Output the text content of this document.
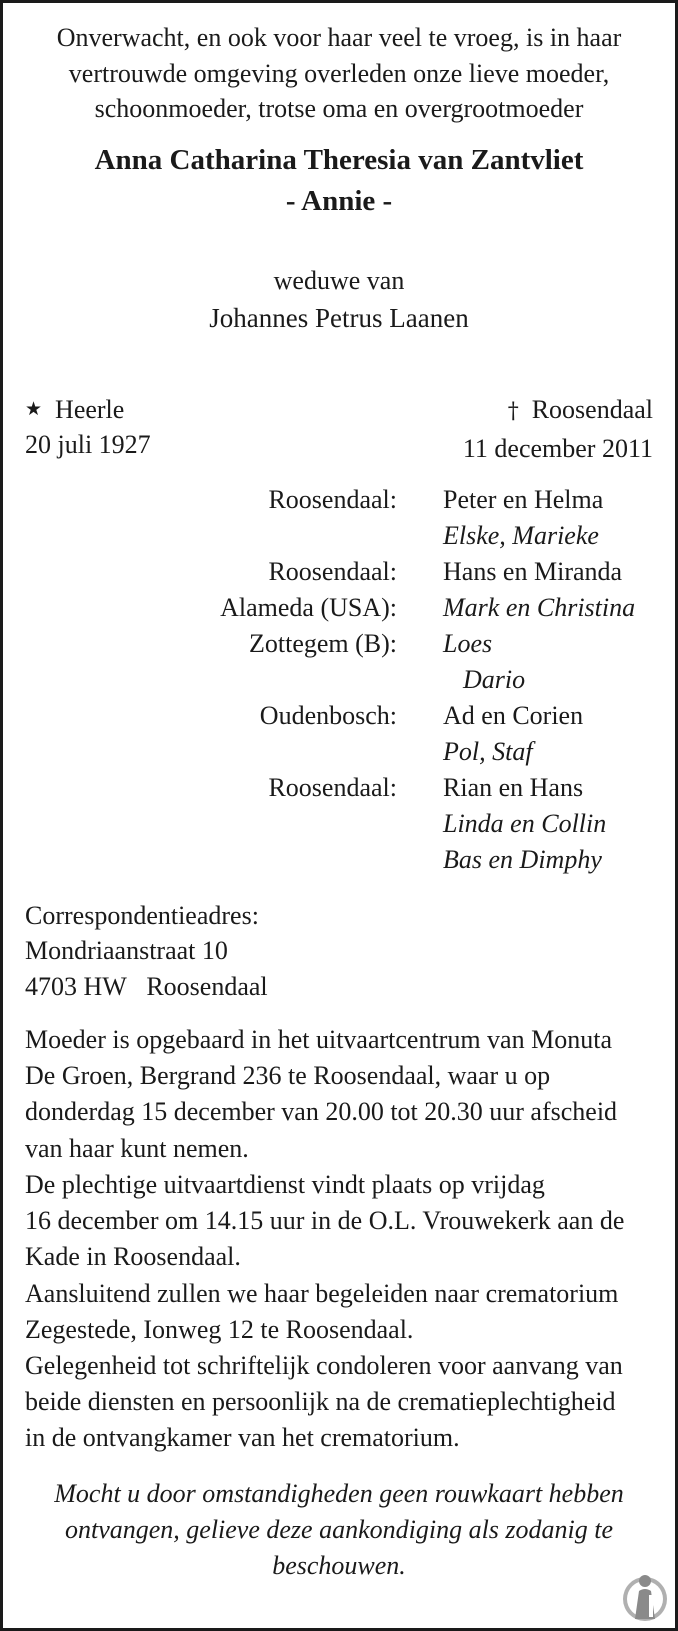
Onverwacht, en ook voor haar veel te vroeg, is in haar
vertrouwde omgeving overleden onze lieve moeder,
schoonmoeder, trotse oma en overgrootmoeder
Anna Catharina Theresia van Zantvliet
- Annie -
weduwe van
Johannes Petrus Laanen
★ Heerle
20 juli 1927
† Roosendaal
11 december 2011
Roosendaal: Peter en Helma
Elske, Marieke
Roosendaal: Hans en Miranda
Alameda (USA): Mark en Christina
Zottegem (B): Loes
Dario
Oudenbosch: Ad en Corien
Pol, Staf
Roosendaal: Rian en Hans
Linda en Collin
Bas en Dimphy
Correspondentieadres:
Mondriaanstraat 10
4703 HW Roosendaal
Moeder is opgebaard in het uitvaartcentrum van Monuta
De Groen, Bergrand 236 te Roosendaal, waar u op
donderdag 15 december van 20.00 tot 20.30 uur afscheid
van haar kunt nemen.
De plechtige uitvaartdienst vindt plaats op vrijdag
16 december om 14.15 uur in de O.L. Vrouwekerk aan de
Kade in Roosendaal.
Aansluitend zullen we haar begeleiden naar crematorium
Zegestede, Ionweg 12 te Roosendaal.
Gelegenheid tot schriftelijk condoleren voor aanvang van
beide diensten en persoonlijk na de crematieplechtigheid
in de ontvangkamer van het crematorium.
Mocht u door omstandigheden geen rouwkaart hebben
ontvangen, gelieve deze aankondiging als zodanig te
beschouwen.
